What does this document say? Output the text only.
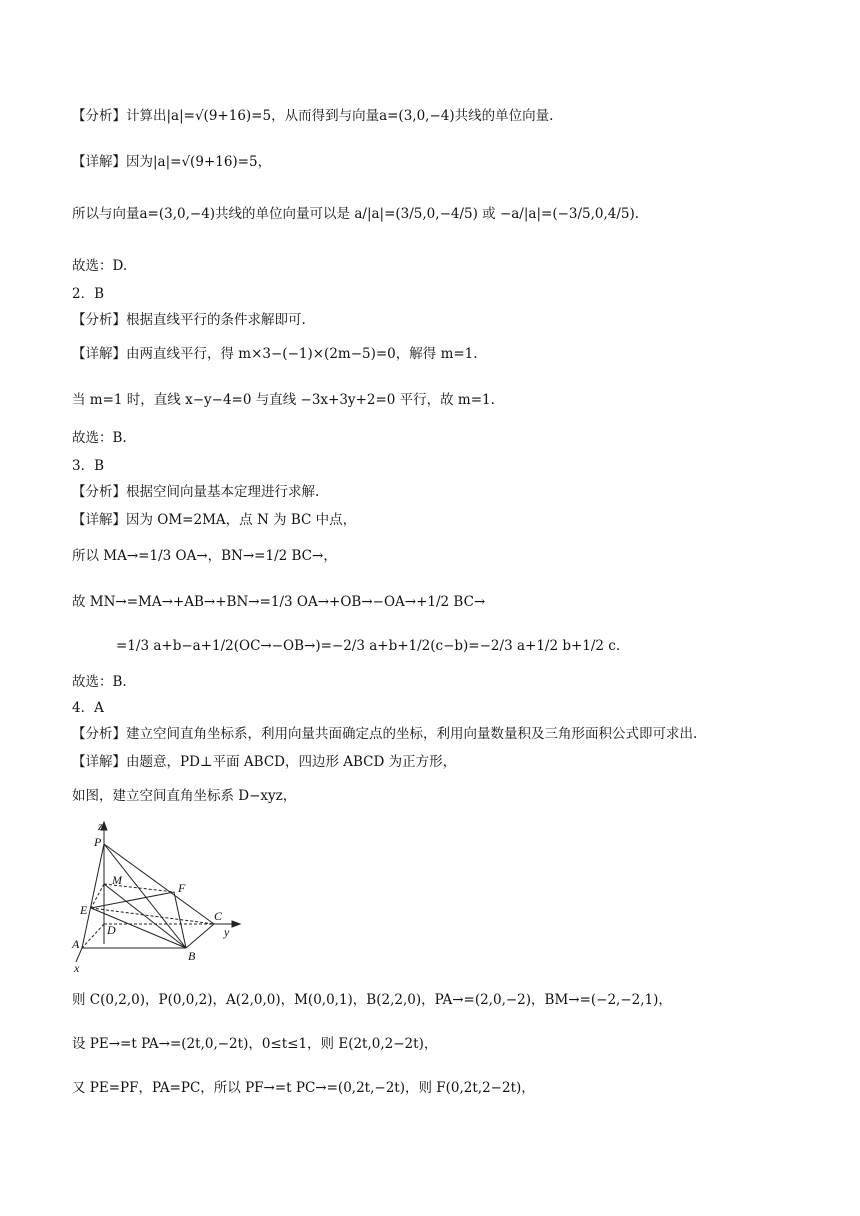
【分析】计算出|a|=√(9+16)=5，从而得到与向量a=(3,0,−4)共线的单位向量.
【详解】因为|a|=√(9+16)=5，
所以与向量a=(3,0,−4)共线的单位向量可以是 a/|a|=(3/5,0,−4/5) 或 −a/|a|=(−3/5,0,4/5).
故选：D.
2．B
【分析】根据直线平行的条件求解即可.
【详解】由两直线平行，得 m×3−(−1)×(2m−5)=0，解得 m=1.
当 m=1 时，直线 x−y−4=0 与直线 −3x+3y+2=0 平行，故 m=1.
故选：B.
3．B
【分析】根据空间向量基本定理进行求解.
【详解】因为 OM=2MA，点 N 为 BC 中点，
所以 MA→=1/3 OA→，BN→=1/2 BC→，
故 MN→=MA→+AB→+BN→=1/3 OA→+OB→−OA→+1/2 BC→
=1/3 a+b−a+1/2(OC→−OB→)=−2/3 a+b+1/2(c−b)=−2/3 a+1/2 b+1/2 c.
故选：B.
4．A
【分析】建立空间直角坐标系，利用向量共面确定点的坐标，利用向量数量积及三角形面积公式即可求出.
【详解】由题意，PD⊥平面 ABCD，四边形 ABCD 为正方形，
如图，建立空间直角坐标系 D−xyz，
z
P
M
F
E	C
y
D
A
B
x
则 C(0,2,0)，P(0,0,2)，A(2,0,0)，M(0,0,1)，B(2,2,0)，PA→=(2,0,−2)，BM→=(−2,−2,1)，
设 PE→=t PA→=(2t,0,−2t)，0≤t≤1，则 E(2t,0,2−2t)，
又 PE=PF，PA=PC，所以 PF→=t PC→=(0,2t,−2t)，则 F(0,2t,2−2t)，
